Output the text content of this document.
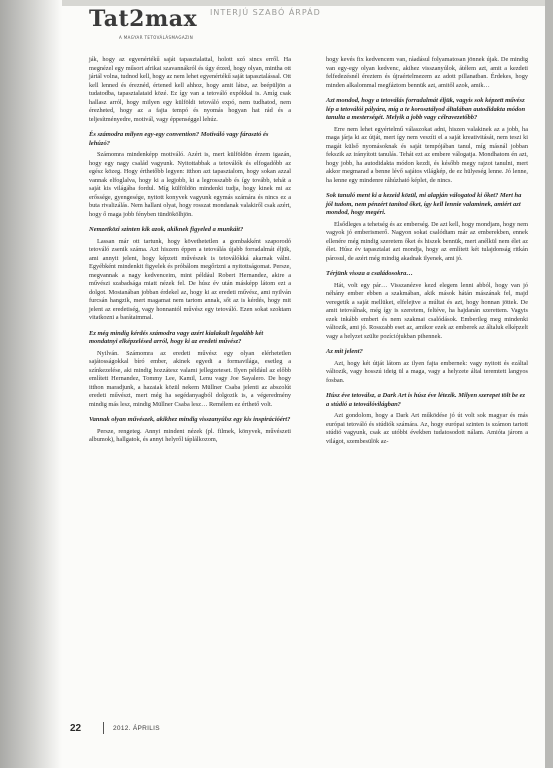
Tat2max
A MAGYAR TETOVÁLÁSMAGAZIN
INTERJÚ SZABÓ ÁRPÁD

ják, hogy az egyenértékű saját tapasztalattal, holott szó sincs erről. Ha megnézel egy műsort afrikai szavannákról és úgy érzed, hogy olyan, mintha ott jártál volna, tudnod kell, hogy az nem lehet egyenértékű saját tapasztalással. Ott kell lenned és éreznéd, értened kell ahhoz, hogy amit látsz, az beépüljön a tudatodba, tapasztalataid közé. Ez így van a tetováló expókkal is. Amíg csak hallasz arról, hogy milyen egy külföldi tetováló expó, nem tudhatod, nem érezheted, hogy az a fajta tempó és nyomás hogyan hat rád és a teljesítményedre, motivál, vagy éppenséggel lehúz.

És számodra milyen egy-egy convention? Motiváló vagy fárasztó és lehúzó?

Számomra mindenképp motiváló. Azért is, mert külföldön érzem igazán, hogy egy nagy család vagyunk. Nyitottabbak a tetoválók és elfogadóbb az egész közeg. Hogy érthetőbb legyen: itthon azt tapasztalom, hogy sokan azzal vannak elfoglalva, hogy ki a legjobb, ki a legrosszabb és így tovább, tehát a saját kis világába fordul. Míg külföldön mindenki tudja, hogy kinek mi az erőssége, gyengesége, nyitott konyvek vagyunk egymás számára és nincs ez a buta rivalizálás. Nem hallani olyat, hogy rosszat mondanak valakiről csak azért, hogy ő maga jobb fényben tündökölhjön.

Nemzetközi szinten kik azok, akiknek figyeled a munkáit?

Lassan már ott tartunk, hogy követhetetlen a gombakként szaporodó tetováló zsenik száma. Azt hiszem éppen a tetoválás újabb forradalmát éljük, ami annyit jelent, hogy képzett művészek is tetoválókká akarnak válni. Egyébként mindenkit figyelek és próbálom megőrizni a nyitottságomat. Persze, megvannak a nagy kedvenceim, mint például Robert Hernandez, akire a művészi szabadsága miatt nézek fel. De húsz év után másképp látom ezt a dolgot. Mostanában jobban érdekel az, hogy ki az eredeti művész, ami nyilván furcsán hangzik, mert magamat nem tartom annak, sőt az is kérdés, hogy mit jelent az eredetiség, vagy honnantól művész egy tetováló. Ezen sokat szoktam vitatkozni a barátaimmal.

Ez még mindig kérdés számodra vagy azért kialakult legalább két mondatnyi elképzelésed arról, hogy ki az eredeti művész?

Nyilván. Számomra az eredeti művész egy olyan elérhetetlen sajátosságokkal bíró ember, akinek egyedi a formavilága, esetleg a színkezelése, aki mindig hozzátesz valami jellegzeteset. Ilyen például az előbb említett Hernandez, Tommy Lee, Kamil, Lenu vagy Joe Sayalero. De hogy itthon maradjunk, a hazaiak közül nekem Müllner Csaba jelenti az abszolút eredeti művészt, mert még ha segédanyagból dolgozik is, a végeredmény mindig más lesz, mindig Müllner Csaba lesz… Remélem ez érthető volt.

Vannak olyan művészek, akikhez mindig visszanyúlsz egy kis inspirációért?

Persze, rengeteg. Annyi mindent nézek (pl. filmek, könyvek, művészeti albumok), hallgatok, és annyi helyről táplálkozom,

hogy kevés fix kedvencem van, ráadásul folyamatosan jönnek újak. De mindig van egy-egy olyan kedvenc, akihez visszanyúlok, átélem azt, amit a kezdeti felfedezésnél éreztem és újraértelmezem az adott pillanatban. Érdekes, hogy minden alkalommal megfáztom bennük azt, amitől azok, amik…

Azt mondod, hogy a tetoválás forradalmát éljük, vagyis sok képzett művész lép a tetoválói pályára, míg a te korosztályod általában autodidakta módon tanulta a mesterségét. Melyik a jobb vagy célravezetőbb?

Erre nem lehet egyértelmű válaszokat adni, hiszen valakinek az a jobb, ha maga járja ki az útját, mert így nem veszíti el a saját kreativitását, nem teszi ki magát külső nyomásoknak és saját tempójában tanul, míg másnál jobban fekszik az irányított tanulás. Tehát ezt az embere válogatja. Mondhatom én azt, hogy jobb, ha autodidakta módon kezdi, és később megy rajzot tanulni, mert akkor megmarad a benne lévő sajátos világkép, de ez hülyeség lenne. Jó lenne, ha lenne egy mindenre ráhúzható képlet, de nincs.

Sok tanuló ment ki a kezeid közül, mi alapján válogatod ki őket? Mert ha jól tudom, nem pénzért tanítod őket, így kell lennie valaminek, amiért azt mondod, hogy megéri.

Elsődleges a tehetség és az emberség. De azt kell, hogy mondjam, hogy nem vagyok jó emberismerő. Nagyon sokat csalódtam már az emberekben, ennek ellenére még mindig szeretem őket és hiszek bennük, mert anélkül nem élet az élet. Húsz év tapasztalat azt mondja, hogy az említett két tulajdonság ritkán párosul, de azért még mindig akadnak ilyenek, ami jó.

Térjünk vissza a családosokra…

Hát, volt egy pár… Visszanézve kezd elegem lenni abból, hogy van jó néhány ember ebben a szakmában, akik mások hátán mászának fel, majd veregetik a saját mellüket, elfelejtve a múltat és azt, hogy honnan jöttek. De amit tetoválnak, még így is szeretem, feltéve, ha hajdanán szerettem. Vagyis ezek inkább emberi és nem szakmai csalódások. Emberileg meg mindenki változik, ami jó. Rosszabb eset az, amikor ezek az emberek az általuk elképzelt vagy a helyzet szülte pozíciójukban pihennek.

Az mit jelent?

Azt, hogy két útját látom az ilyen fajta embernek: vagy nyitott és ezáltal változik, vagy hosszú ideig ül a maga, vagy a helyzete által teremtett langyos fosban.

Húsz éve tetoválsz, a Dark Art is húsz éve létezik. Milyen szerepet tölt be ez a stúdió a tetoválóvilágban?

Azt gondolom, hogy a Dark Art működése jó út volt sok magyar és más európai tetováló és stúdiók számára. Az, hogy európai szinten is számon tartott stúdió vagyunk, csak az utóbbi években tudatosodott nálam. Amióta járom a világot, szembesülök az-

22	2012. ÁPRILIS
